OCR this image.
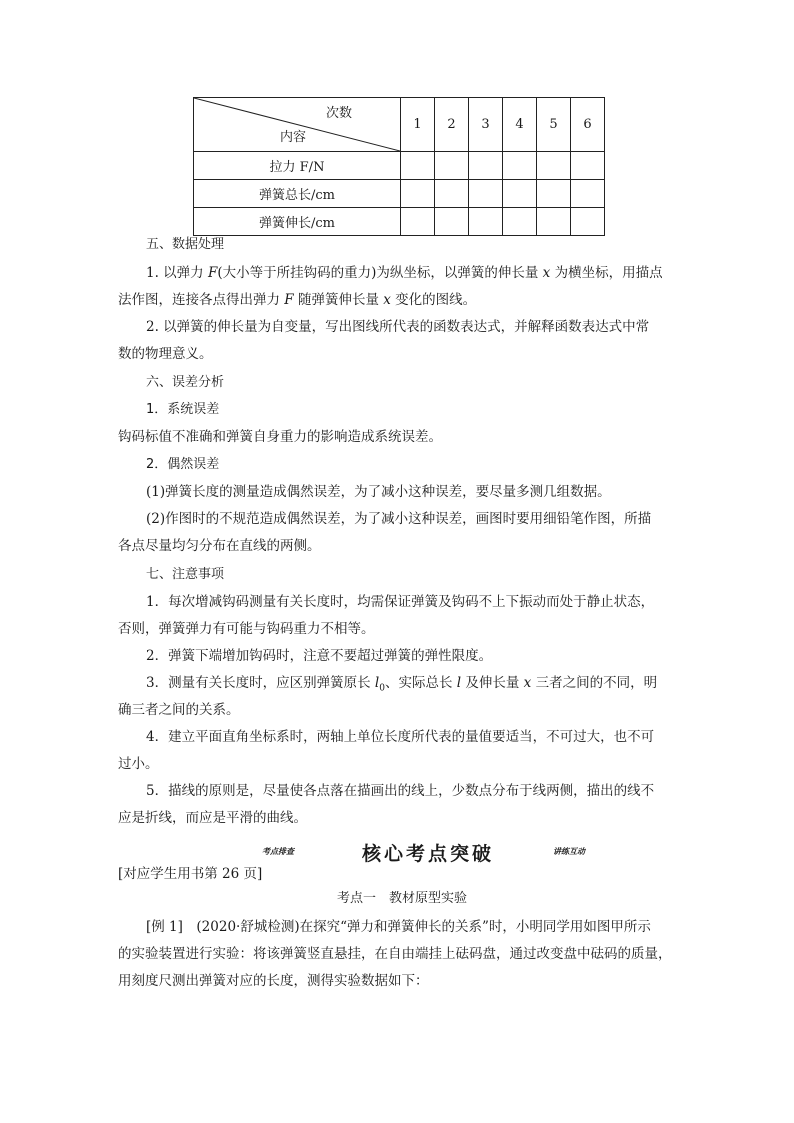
次数
内容	1	2	3	4	5	6
拉力 F/N						
弹簧总长/cm						
弹簧伸长/cm						
五、数据处理
1. 以弹力 F(大小等于所挂钩码的重力)为纵坐标，以弹簧的伸长量 x 为横坐标，用描点
法作图，连接各点得出弹力 F 随弹簧伸长量 x 变化的图线。
2. 以弹簧的伸长量为自变量，写出图线所代表的函数表达式，并解释函数表达式中常
数的物理意义。
六、误差分析
1．系统误差
钩码标值不准确和弹簧自身重力的影响造成系统误差。
2．偶然误差
(1)弹簧长度的测量造成偶然误差，为了减小这种误差，要尽量多测几组数据。
(2)作图时的不规范造成偶然误差，为了减小这种误差，画图时要用细铅笔作图，所描
各点尽量均匀分布在直线的两侧。
七、注意事项
1．每次增减钩码测量有关长度时，均需保证弹簧及钩码不上下振动而处于静止状态，
否则，弹簧弹力有可能与钩码重力不相等。
2．弹簧下端增加钩码时，注意不要超过弹簧的弹性限度。
3．测量有关长度时，应区别弹簧原长 $l_0$、实际总长 l 及伸长量 x 三者之间的不同，明
确三者之间的关系。
4．建立平面直角坐标系时，两轴上单位长度所代表的量值要适当，不可过大，也不可
过小。
5．描线的原则是，尽量使各点落在描画出的线上，少数点分布于线两侧，描出的线不
应是折线，而应是平滑的曲线。
考点排查	核心考点突破	讲练互动
[对应学生用书第 26 页]
考点一　教材原型实验
[例 1]　(2020·舒城检测)在探究“弹力和弹簧伸长的关系”时，小明同学用如图甲所示
的实验装置进行实验：将该弹簧竖直悬挂，在自由端挂上砝码盘，通过改变盘中砝码的质量，
用刻度尺测出弹簧对应的长度，测得实验数据如下：
